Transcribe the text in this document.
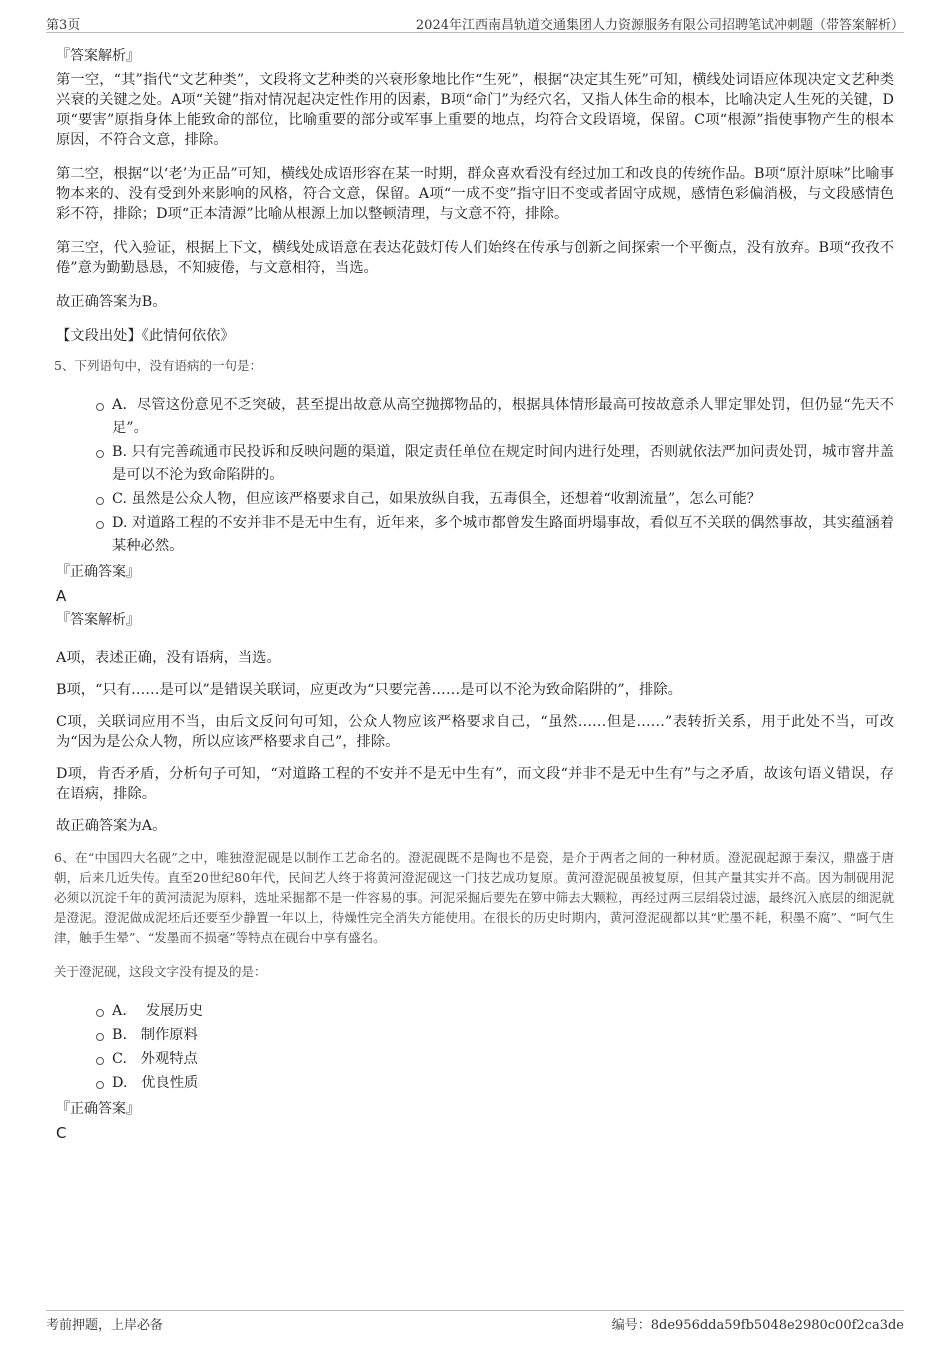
第3页	2024年江西南昌轨道交通集团人力资源服务有限公司招聘笔试冲刺题（带答案解析）
『答案解析』

第一空，“其”指代“文艺种类”，文段将文艺种类的兴衰形象地比作“生死”，根据“决定其生死”可知，横线处词语应体现决定文艺种类兴衰的关键之处。A项“关键”指对情况起决定性作用的因素，B项“命门”为经穴名，又指人体生命的根本，比喻决定人生死的关键，D项“要害”原指身体上能致命的部位，比喻重要的部分或军事上重要的地点，均符合文段语境，保留。C项“根源”指使事物产生的根本原因，不符合文意，排除。

第二空，根据“以‘老’为正品”可知，横线处成语形容在某一时期，群众喜欢看没有经过加工和改良的传统作品。B项“原汁原味”比喻事物本来的、没有受到外来影响的风格，符合文意，保留。A项“一成不变”指守旧不变或者固守成规，感情色彩偏消极，与文段感情色彩不符，排除；D项“正本清源”比喻从根源上加以整顿清理，与文意不符，排除。

第三空，代入验证，根据上下文，横线处成语意在表达花鼓灯传人们始终在传承与创新之间探索一个平衡点，没有放弃。B项“孜孜不倦”意为勤勤恳恳，不知疲倦，与文意相符，当选。

故正确答案为B。

【文段出处】《此情何依依》

5、下列语句中，没有语病的一句是：
A．尽管这份意见不乏突破，甚至提出故意从高空抛掷物品的，根据具体情形最高可按故意杀人罪定罪处罚，但仍显“先天不足”。
B. 只有完善疏通市民投诉和反映问题的渠道，限定责任单位在规定时间内进行处理，否则就依法严加问责处罚，城市窨井盖是可以不沦为致命陷阱的。
C. 虽然是公众人物，但应该严格要求自己，如果放纵自我，五毒俱全，还想着“收割流量”，怎么可能？
D. 对道路工程的不安并非不是无中生有，近年来，多个城市都曾发生路面坍塌事故，看似互不关联的偶然事故，其实蕴涵着某种必然。
『正确答案』
A
『答案解析』

A项，表述正确，没有语病，当选。

B项，“只有……是可以”是错误关联词，应更改为“只要完善……是可以不沦为致命陷阱的”，排除。

C项，关联词应用不当，由后文反问句可知，公众人物应该严格要求自己，“虽然……但是……”表转折关系，用于此处不当，可改为“因为是公众人物，所以应该严格要求自己”，排除。

D项，肯否矛盾，分析句子可知，“对道路工程的不安并不是无中生有”，而文段“并非不是无中生有”与之矛盾，故该句语义错误，存在语病，排除。

故正确答案为A。

6、在“中国四大名砚”之中，唯独澄泥砚是以制作工艺命名的。澄泥砚既不是陶也不是瓷，是介于两者之间的一种材质。澄泥砚起源于秦汉，鼎盛于唐朝，后来几近失传。直至20世纪80年代，民间艺人终于将黄河澄泥砚这一门技艺成功复原。黄河澄泥砚虽被复原，但其产量其实并不高。因为制砚用泥必须以沉淀千年的黄河渍泥为原料，选址采掘都不是一件容易的事。河泥采掘后要先在箩中筛去大颗粒，再经过两三层绢袋过滤，最终沉入底层的细泥就是澄泥。澄泥做成泥坯后还要至少静置一年以上，待燥性完全消失方能使用。在很长的历史时期内，黄河澄泥砚都以其“贮墨不耗，积墨不腐”、“呵气生津，触手生晕”、“发墨而不损毫”等特点在砚台中享有盛名。

关于澄泥砚，这段文字没有提及的是：
A． 发展历史
B. 制作原料
C. 外观特点
D. 优良性质
『正确答案』
C
考前押题，上岸必备	编号：8de956dda59fb5048e2980c00f2ca3de
